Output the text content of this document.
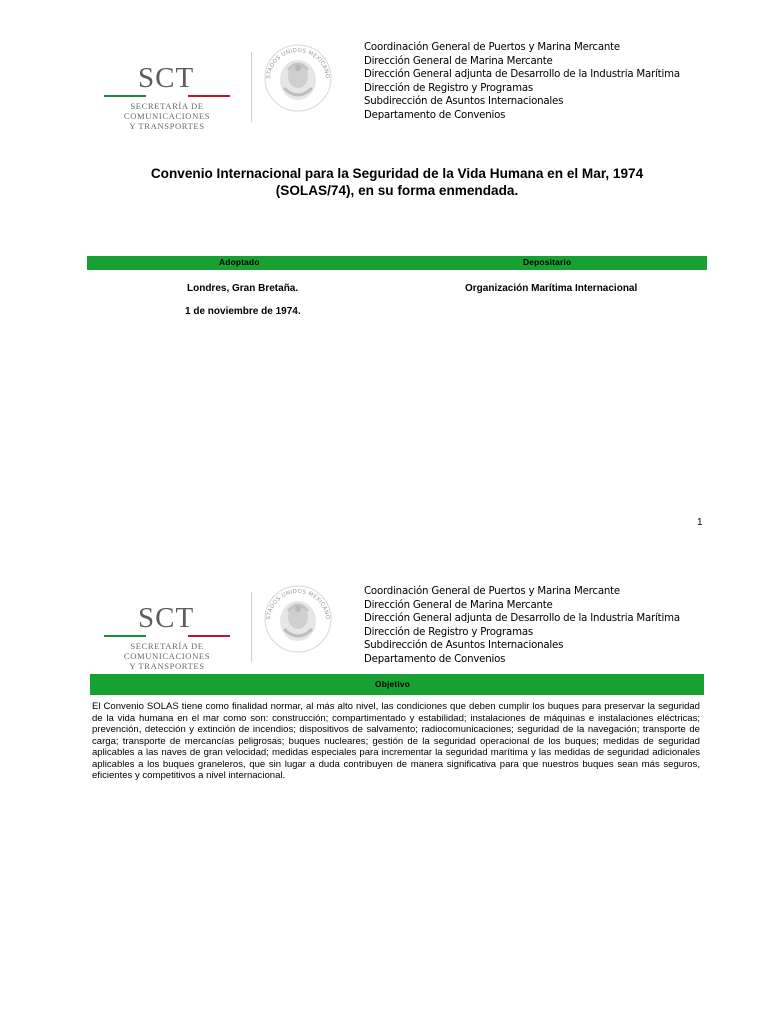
SCT
SECRETARÍA DE
COMUNICACIONES
Y TRANSPORTES
STADOS UNIDOS MEXICANO
Coordinación General de Puertos y Marina Mercante
Dirección General de Marina Mercante
Dirección General adjunta de Desarrollo de la Industria Marítima
Dirección de Registro y Programas
Subdirección de Asuntos Internacionales
Departamento de Convenios
Convenio Internacional para la Seguridad de la Vida Humana en el Mar, 1974
(SOLAS/74), en su forma enmendada.
Adoptado	Depositario
Londres, Gran Bretaña.
1 de noviembre de 1974.
Organización Marítima Internacional
1
SCT
SECRETARÍA DE
COMUNICACIONES
Y TRANSPORTES
STADOS UNIDOS MEXICANO
Coordinación General de Puertos y Marina Mercante
Dirección General de Marina Mercante
Dirección General adjunta de Desarrollo de la Industria Marítima
Dirección de Registro y Programas
Subdirección de Asuntos Internacionales
Departamento de Convenios
Objetivo
El Convenio SOLAS tiene como finalidad normar, al más alto nivel, las condiciones que deben cumplir los buques para preservar la seguridad de la vida humana en el mar como son: construcción; compartimentado y estabilidad; instalaciones de máquinas e instalaciones eléctricas; prevención, detección y extinción de incendios; dispositivos de salvamento; radiocomunicaciones; seguridad de la navegación; transporte de carga; transporte de mercancías peligrosas; buques nucleares; gestión de la seguridad operacional de los buques; medidas de seguridad aplicables a las naves de gran velocidad; medidas especiales para incrementar la seguridad marítima y las medidas de seguridad adicionales aplicables a los buques graneleros, que sin lugar a duda contribuyen de manera significativa para que nuestros buques sean más seguros, eficientes y competitivos a nivel internacional.
